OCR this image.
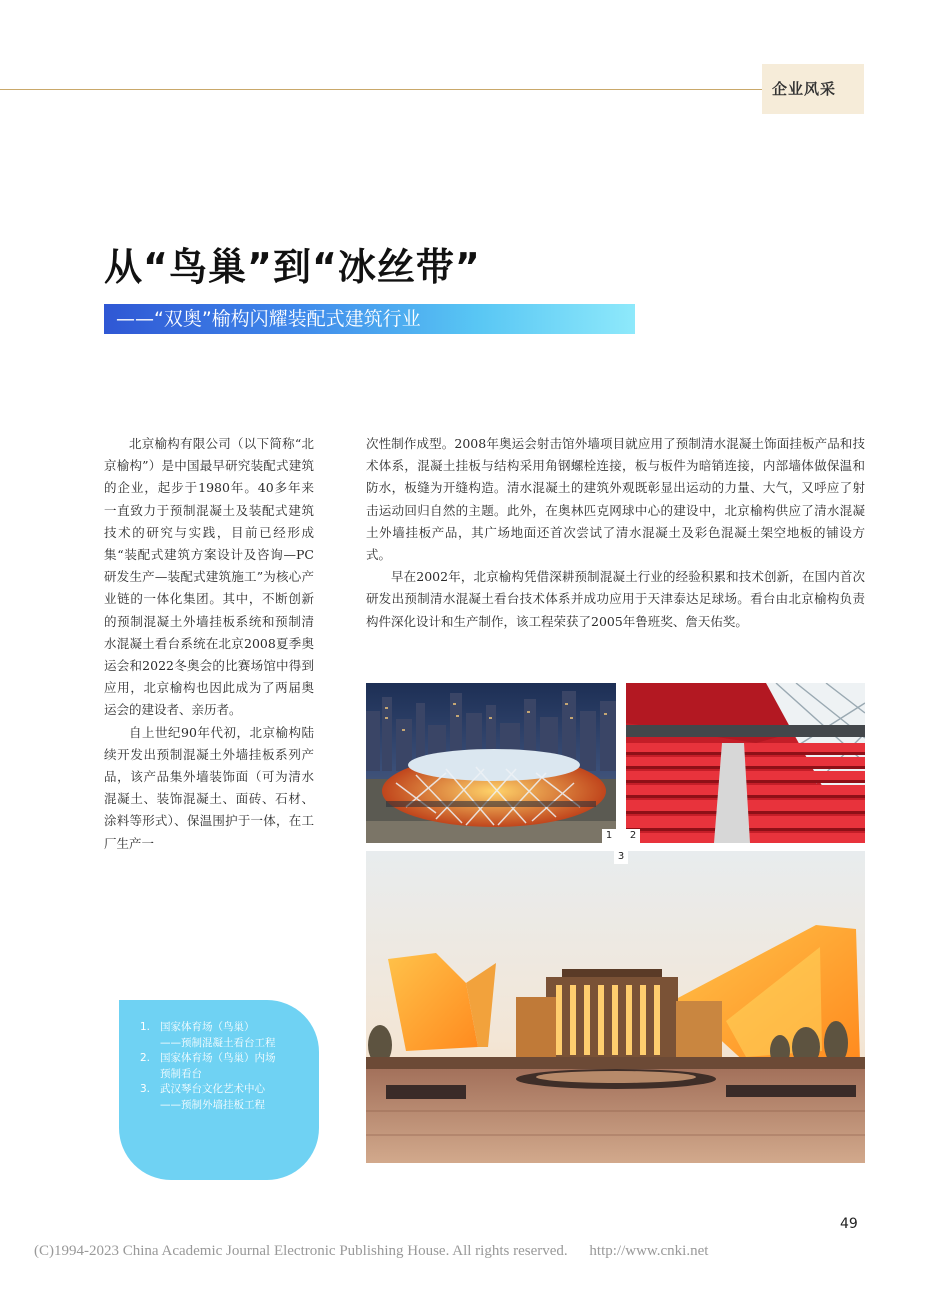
企业风采
从“鸟巢”到“冰丝带”
——“双奥”榆构闪耀装配式建筑行业

北京榆构有限公司（以下简称“北京榆构”）是中国最早研究装配式建筑的企业，起步于1980年。40多年来一直致力于预制混凝土及装配式建筑技术的研究与实践，目前已经形成集“装配式建筑方案设计及咨询—PC研发生产—装配式建筑施工”为核心产业链的一体化集团。其中，不断创新的预制混凝土外墙挂板系统和预制清水混凝土看台系统在北京2008夏季奥运会和2022冬奥会的比赛场馆中得到应用，北京榆构也因此成为了两届奥运会的建设者、亲历者。

自上世纪90年代初，北京榆构陆续开发出预制混凝土外墙挂板系列产品，该产品集外墙装饰面（可为清水混凝土、装饰混凝土、面砖、石材、涂料等形式）、保温围护于一体，在工厂生产一

次性制作成型。2008年奥运会射击馆外墙项目就应用了预制清水混凝土饰面挂板产品和技术体系，混凝土挂板与结构采用角钢螺栓连接，板与板件为暗销连接，内部墙体做保温和防水，板缝为开缝构造。清水混凝土的建筑外观既彰显出运动的力量、大气，又呼应了射击运动回归自然的主题。此外，在奥林匹克网球中心的建设中，北京榆构供应了清水混凝土外墙挂板产品，其广场地面还首次尝试了清水混凝土及彩色混凝土架空地板的铺设方式。

早在2002年，北京榆构凭借深耕预制混凝土行业的经验积累和技术创新，在国内首次研发出预制清水混凝土看台技术体系并成功应用于天津泰达足球场。看台由北京榆构负责构件深化设计和生产制作，该工程荣获了2005年鲁班奖、詹天佑奖。

1	2
3
1. 国家体育场（鸟巢）
——预制混凝土看台工程
2. 国家体育场（鸟巢）内场
预制看台
3. 武汉琴台文化艺术中心
——预制外墙挂板工程
49
(C)1994-2023 China Academic Journal Electronic Publishing House. All rights reserved. http://www.cnki.net
